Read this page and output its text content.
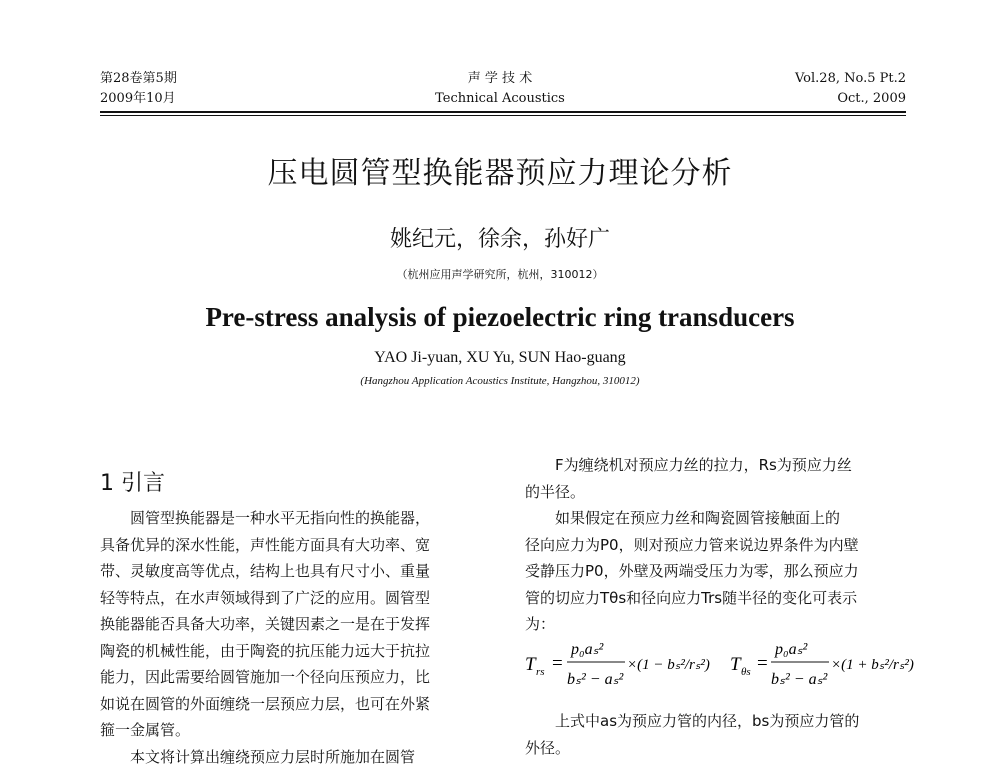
第28卷第5期
2009年10月
声 学 技 术
Technical Acoustics
Vol.28, No.5 Pt.2
Oct., 2009
压电圆管型换能器预应力理论分析
姚纪元，徐余，孙好广
（杭州应用声学研究所，杭州，310012）
Pre-stress analysis of piezoelectric ring transducers
YAO Ji-yuan, XU Yu, SUN Hao-guang
(Hangzhou Application Acoustics Institute, Hangzhou, 310012)
1 引言
　　圆管型换能器是一种水平无指向性的换能器，
具备优异的深水性能，声性能方面具有大功率、宽
带、灵敏度高等优点，结构上也具有尺寸小、重量
轻等特点，在水声领域得到了广泛的应用。圆管型
换能器能否具备大功率，关键因素之一是在于发挥
陶瓷的机械性能，由于陶瓷的抗压能力远大于抗拉
能力，因此需要给圆管施加一个径向压预应力，比
如说在圆管的外面缠绕一层预应力层，也可在外紧
箍一金属管。
　　本文将计算出缠绕预应力层时所施加在圆管
　　F为缠绕机对预应力丝的拉力，Rs为预应力丝
的半径。
　　如果假定在预应力丝和陶瓷圆管接触面上的
径向应力为P0，则对预应力管来说边界条件为内壁
受静压力P0，外壁及两端受压力为零，那么预应力
管的切应力Tθs和径向应力Trs随半径的变化可表示
为：
T rs =
p₀aₛ²
bₛ² − aₛ²
×(1 − bₛ²/rₛ²) T θs =
p₀aₛ²
bₛ² − aₛ²
×(1 + bₛ²/rₛ²)
　　上式中as为预应力管的内径，bs为预应力管的
外径。
